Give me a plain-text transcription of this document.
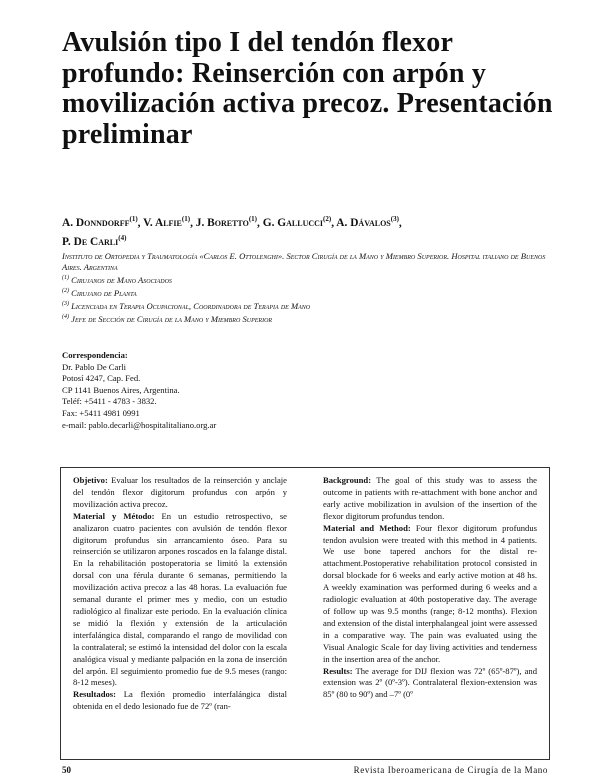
Avulsión tipo I del tendón flexor profundo: Reinserción con arpón y movilización activa precoz. Presentación preliminar
A. Donndorff$^{(1)}$, V. Alfie$^{(1)}$, J. Boretto$^{(1)}$, G. Gallucci$^{(2)}$, A. Dávalos$^{(3)}$,
P. De Carli$^{(4)}$

Instituto de Ortopedia y Traumatología «Carlos E. Ottolenghi». Sector Cirugía de la Mano y Miembro Superior. Hospital italiano de Buenos Aires. Argentina

$^{(1)}$ Cirujanos de Mano Asociados

$^{(2)}$ Cirujano de Planta

$^{(3)}$ Licenciada en Terapia Ocupacional, Coordinadora de Terapia de Mano

$^{(4)}$ Jefe de Sección de Cirugía de la Mano y Miembro Superior

Correspondencia:

Dr. Pablo De Carli

Potosí 4247, Cap. Fed.

CP 1141 Buenos Aires, Argentina.

Teléf: +5411 - 4783 - 3832.

Fax: +5411 4981 0991

e-mail: pablo.decarli@hospitalitaliano.org.ar

Objetivo: Evaluar los resultados de la reinserción y anclaje del tendón flexor digitorum profundus con arpón y movilización activa precoz.

Material y Método: En un estudio retrospectivo, se analizaron cuatro pacientes con avulsión de tendón flexor digitorum profundus sin arrancamiento óseo. Para su reinserción se utilizaron arpones roscados en la falange distal. En la rehabilitación postoperatoria se limitó la extensión dorsal con una férula durante 6 semanas, permitiendo la movilización activa precoz a las 48 horas. La evaluación fue semanal durante el primer mes y medio, con un estudio radiológico al finalizar este periodo. En la evaluación clínica se midió la flexión y extensión de la articulación interfalángica distal, comparando el rango de movilidad con la contralateral; se estimó la intensidad del dolor con la escala analógica visual y mediante palpación en la zona de inserción del arpón. El seguimiento promedio fue de 9.5 meses (rango: 8-12 meses).

Resultados: La flexión promedio interfalángica distal obtenida en el dedo lesionado fue de 72º (ran-

Background: The goal of this study was to assess the outcome in patients with re-attachment with bone anchor and early active mobilization in avulsion of the insertion of the flexor digitorum profundus tendon.

Material and Method: Four flexor digitorum profundus tendon avulsion were treated with this method in 4 patients. We use bone tapered anchors for the distal re-attachment.Postoperative rehabilitation protocol consisted in dorsal blockade for 6 weeks and early active motion at 48 hs. A weekly examination was performed during 6 weeks and a radiologic evaluation at 40th postoperative day. The average of follow up was 9.5 months (range; 8-12 months). Flexion and extension of the distal interphalangeal joint were assessed in a comparative way. The pain was evaluated using the Visual Analogic Scale for day living activities and tenderness in the insertion area of the anchor.

Results: The average for DIJ flexion was 72º (65º-87º), and extension was 2º (0º-3º). Contralateral flexion-extension was 85º (80 to 90º) and –7º (0º

50	Revista Iberoamericana de Cirugía de la Mano
